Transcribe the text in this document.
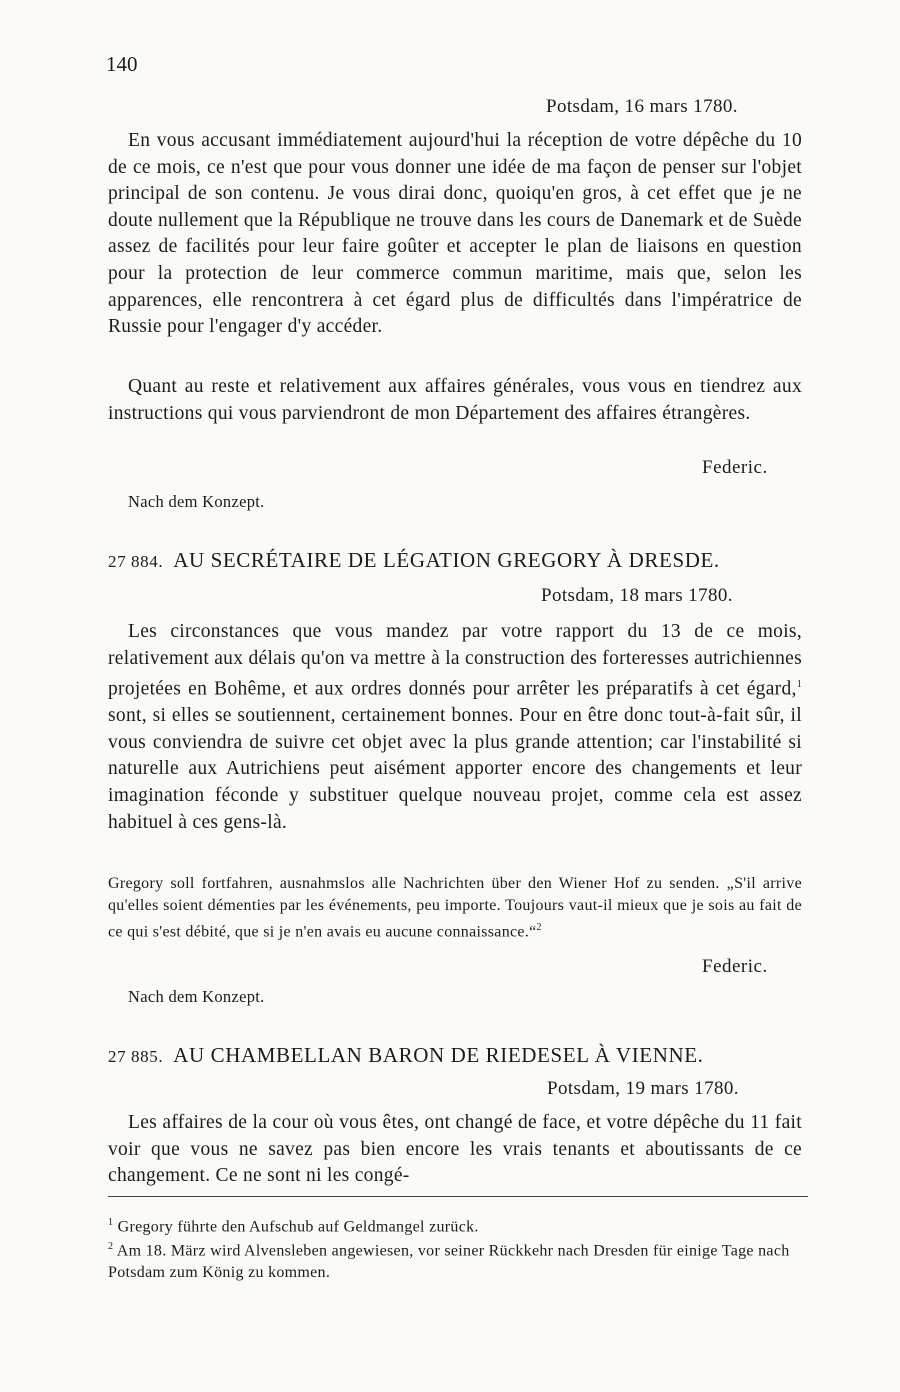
140
Potsdam, 16 mars 1780.

En vous accusant immédiatement aujourd'hui la réception de votre dépêche du 10 de ce mois, ce n'est que pour vous donner une idée de ma façon de penser sur l'objet principal de son contenu. Je vous dirai donc, quoiqu'en gros, à cet effet que je ne doute nullement que la République ne trouve dans les cours de Danemark et de Suède assez de facilités pour leur faire goûter et accepter le plan de liaisons en question pour la protection de leur commerce commun maritime, mais que, selon les apparences, elle rencontrera à cet égard plus de difficultés dans l'impératrice de Russie pour l'engager d'y accéder.

Quant au reste et relativement aux affaires générales, vous vous en tiendrez aux instructions qui vous parviendront de mon Département des affaires étrangères.

Federic.
Nach dem Konzept.
27 884. AU SECRÉTAIRE DE LÉGATION GREGORY À DRESDE.
Potsdam, 18 mars 1780.

Les circonstances que vous mandez par votre rapport du 13 de ce mois, relativement aux délais qu'on va mettre à la construction des forteresses autrichiennes projetées en Bohême, et aux ordres donnés pour arrêter les préparatifs à cet égard,$^1$ sont, si elles se soutiennent, certainement bonnes. Pour en être donc tout-à-fait sûr, il vous conviendra de suivre cet objet avec la plus grande attention; car l'instabilité si naturelle aux Autrichiens peut aisément apporter encore des changements et leur imagination féconde y substituer quelque nouveau projet, comme cela est assez habituel à ces gens-là.

Gregory soll fortfahren, ausnahmslos alle Nachrichten über den Wiener Hof zu senden. „S'il arrive qu'elles soient démenties par les événements, peu importe. Toujours vaut-il mieux que je sois au fait de ce qui s'est débité, que si je n'en avais eu aucune connaissance.“$^2$

Federic.
Nach dem Konzept.
27 885. AU CHAMBELLAN BARON DE RIEDESEL À VIENNE.
Potsdam, 19 mars 1780.

Les affaires de la cour où vous êtes, ont changé de face, et votre dépêche du 11 fait voir que vous ne savez pas bien encore les vrais tenants et aboutissants de ce changement. Ce ne sont ni les congé-

$^1$ Gregory führte den Aufschub auf Geldmangel zurück.

$^2$ Am 18. März wird Alvensleben angewiesen, vor seiner Rückkehr nach Dresden für einige Tage nach Potsdam zum König zu kommen.
